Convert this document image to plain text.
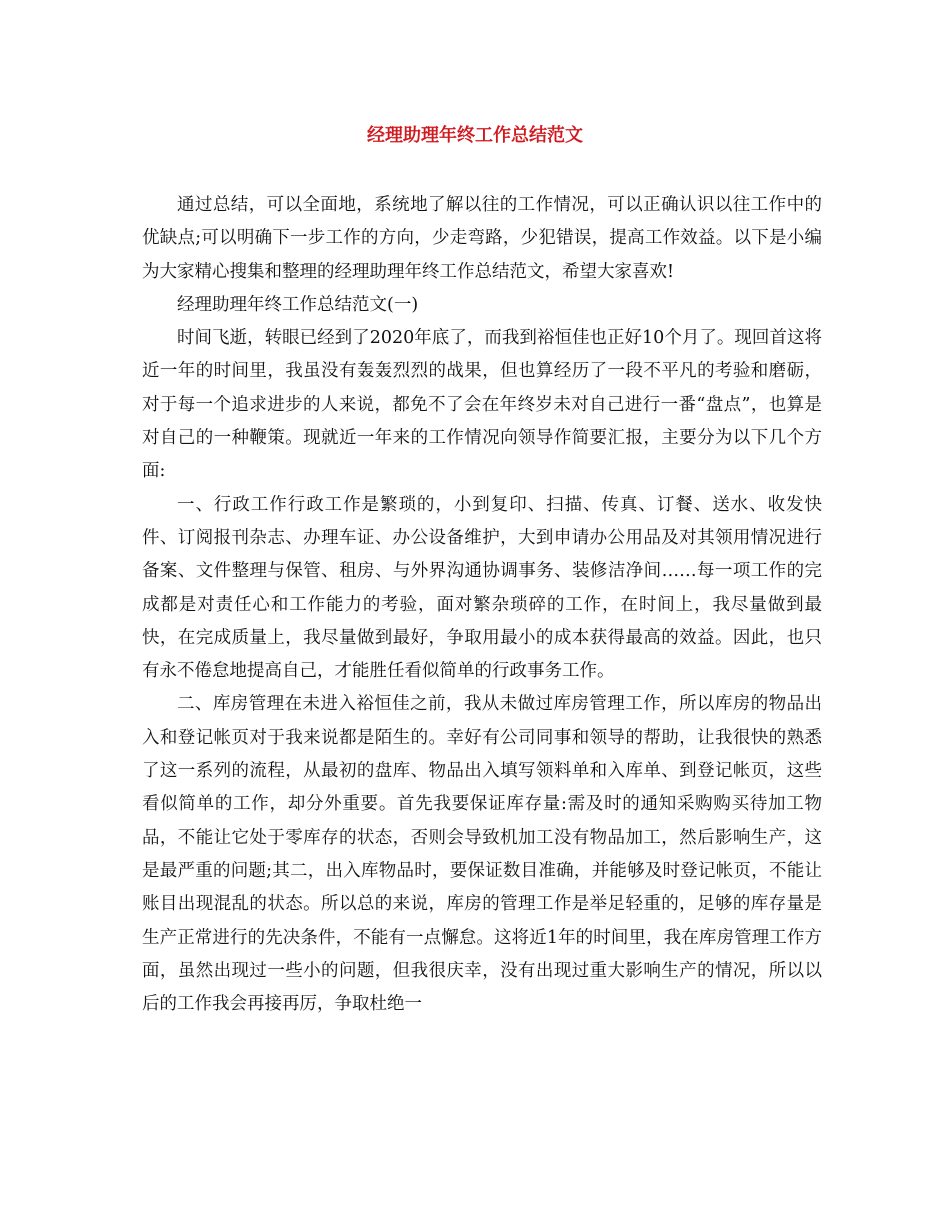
经理助理年终工作总结范文

通过总结，可以全面地，系统地了解以往的工作情况，可以正确认识以往工作中的优缺点;可以明确下一步工作的方向，少走弯路，少犯错误，提高工作效益。以下是小编为大家精心搜集和整理的经理助理年终工作总结范文，希望大家喜欢!

经理助理年终工作总结范文(一)

时间飞逝，转眼已经到了2020年底了，而我到裕恒佳也正好10个月了。现回首这将近一年的时间里，我虽没有轰轰烈烈的战果，但也算经历了一段不平凡的考验和磨砺，对于每一个追求进步的人来说，都免不了会在年终岁未对自己进行一番“盘点”，也算是对自己的一种鞭策。现就近一年来的工作情况向领导作简要汇报，主要分为以下几个方面:

一、行政工作行政工作是繁琐的，小到复印、扫描、传真、订餐、送水、收发快件、订阅报刊杂志、办理车证、办公设备维护，大到申请办公用品及对其领用情况进行备案、文件整理与保管、租房、与外界沟通协调事务、装修洁净间……每一项工作的完成都是对责任心和工作能力的考验，面对繁杂琐碎的工作，在时间上，我尽量做到最快，在完成质量上，我尽量做到最好，争取用最小的成本获得最高的效益。因此，也只有永不倦怠地提高自己，才能胜任看似简单的行政事务工作。

二、库房管理在未进入裕恒佳之前，我从未做过库房管理工作，所以库房的物品出入和登记帐页对于我来说都是陌生的。幸好有公司同事和领导的帮助，让我很快的熟悉了这一系列的流程，从最初的盘库、物品出入填写领料单和入库单、到登记帐页，这些看似简单的工作，却分外重要。首先我要保证库存量:需及时的通知采购购买待加工物品，不能让它处于零库存的状态，否则会导致机加工没有物品加工，然后影响生产，这是最严重的问题;其二，出入库物品时，要保证数目准确，并能够及时登记帐页，不能让账目出现混乱的状态。所以总的来说，库房的管理工作是举足轻重的，足够的库存量是生产正常进行的先决条件，不能有一点懈怠。这将近1年的时间里，我在库房管理工作方面，虽然出现过一些小的问题，但我很庆幸，没有出现过重大影响生产的情况，所以以后的工作我会再接再厉，争取杜绝一
